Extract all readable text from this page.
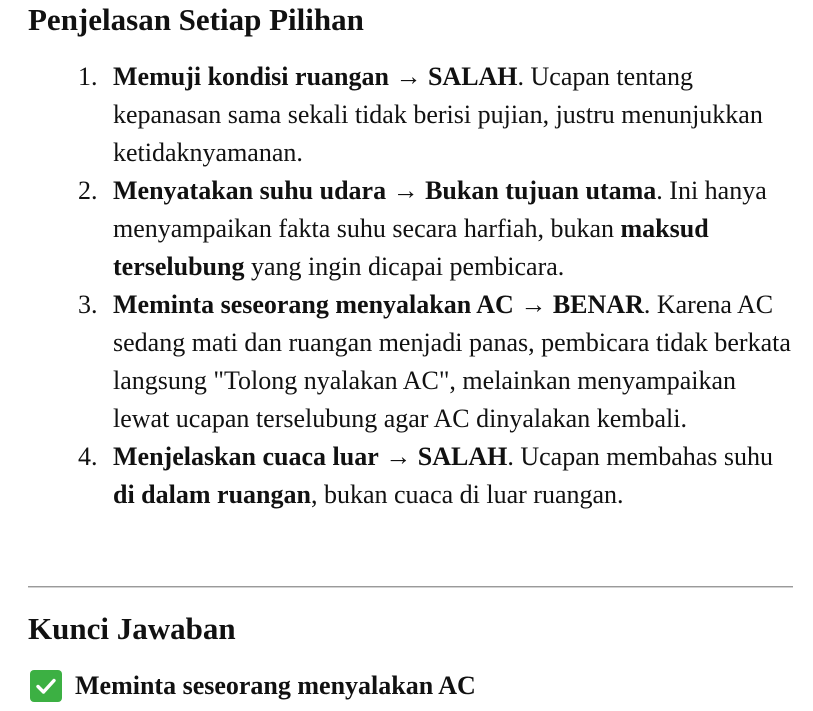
Penjelasan Setiap Pilihan
1. Memuji kondisi ruangan → SALAH. Ucapan tentang kepanasan sama sekali tidak berisi pujian, justru menunjukkan ketidaknyamanan.
2. Menyatakan suhu udara → Bukan tujuan utama. Ini hanya menyampaikan fakta suhu secara harfiah, bukan maksud terselubung yang ingin dicapai pembicara.
3. Meminta seseorang menyalakan AC → BENAR. Karena AC sedang mati dan ruangan menjadi panas, pembicara tidak berkata langsung "Tolong nyalakan AC", melainkan menyampaikan lewat ucapan terselubung agar AC dinyalakan kembali.
4. Menjelaskan cuaca luar → SALAH. Ucapan membahas suhu di dalam ruangan, bukan cuaca di luar ruangan.
Kunci Jawaban
Meminta seseorang menyalakan AC
